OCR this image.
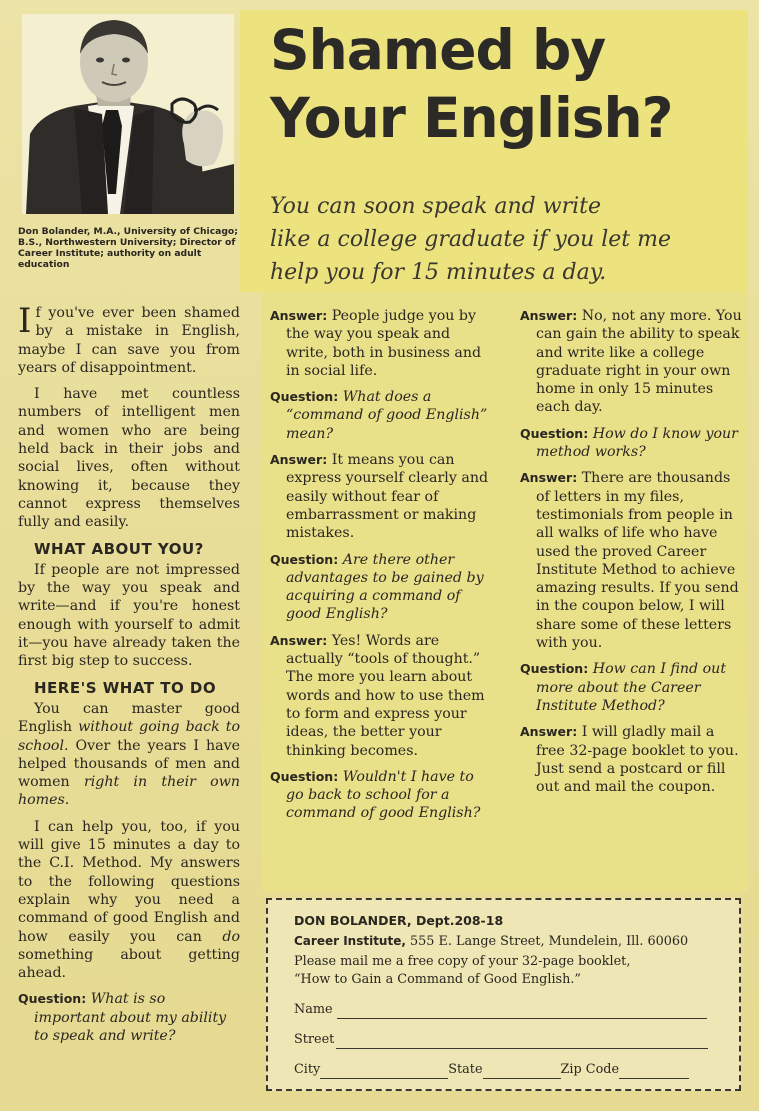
Don Bolander, M.A., University of Chicago; B.S., Northwestern University; Director of Career Institute; authority on adult education
Shamed by
Your English?
You can soon speak and write
like a college graduate if you let me
help you for 15 minutes a day.

If you've ever been shamed by a mistake in English, maybe I can save you from years of disappointment.

I have met countless numbers of intelligent men and women who are being held back in their jobs and social lives, often without knowing it, because they cannot express themselves fully and easily.

WHAT ABOUT YOU?

If people are not impressed by the way you speak and write—and if you're honest enough with yourself to admit it—you have already taken the first big step to success.

HERE'S WHAT TO DO

You can master good English without going back to school. Over the years I have helped thousands of men and women right in their own homes.

I can help you, too, if you will give 15 minutes a day to the C.I. Method. My answers to the following questions explain why you need a command of good English and how easily you can do something about getting ahead.

Question: What is so important about my ability to speak and write?

Answer: People judge you by the way you speak and write, both in business and in social life.

Question: What does a “command of good English” mean?

Answer: It means you can express yourself clearly and easily without fear of embarrassment or making mistakes.

Question: Are there other advantages to be gained by acquiring a command of good English?

Answer: Yes! Words are actually “tools of thought.” The more you learn about words and how to use them to form and express your ideas, the better your thinking becomes.

Question: Wouldn't I have to go back to school for a command of good English?

Answer: No, not any more. You can gain the ability to speak and write like a college graduate right in your own home in only 15 minutes each day.

Question: How do I know your method works?

Answer: There are thousands of letters in my files, testimonials from people in all walks of life who have used the proved Career Institute Method to achieve amazing results. If you send in the coupon below, I will share some of these letters with you.

Question: How can I find out more about the Career Institute Method?

Answer: I will gladly mail a free 32-page booklet to you. Just send a postcard or fill out and mail the coupon.

DON BOLANDER, Dept.208-18
Career Institute, 555 E. Lange Street, Mundelein, Ill. 60060
Please mail me a free copy of your 32-page booklet,
“How to Gain a Command of Good English.”
Name
Street
City	State	Zip Code
